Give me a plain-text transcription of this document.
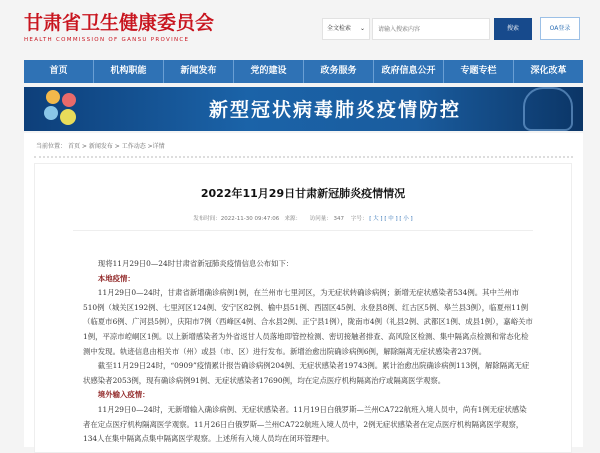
甘肃省卫生健康委员会
HEALTH COMMISSION OF GANSU PROVINCE
全文检索 ⌄
请输入搜索内容	搜索	OA登录
首页	机构职能	新闻发布	党的建设	政务服务	政府信息公开	专题专栏	深化改革
新型冠状病毒肺炎疫情防控
当前位置： 首页 > 新闻发布 > 工作动态 >详情
2022年11月29日甘肃新冠肺炎疫情情况
发布时间：2022-11-30 09:47:06 来源： 访问量： 347 字号： [ 大 ] [ 中 ] [ 小 ]

现将11月29日0—24时甘肃省新冠肺炎疫情信息公布如下：

本地疫情：

11月29日0—24时，甘肃省新增确诊病例1例，在兰州市七里河区，为无症状转确诊病例；新增无症状感染者534例。其中兰州市510例（城关区192例、七里河区124例、安宁区82例、榆中县51例、西固区45例、永登县8例、红古区5例、皋兰县3例），临夏州11例（临夏市6例、广河县5例），庆阳市7例（西峰区4例、合水县2例、正宁县1例），陇南市4例（礼县2例、武都区1例、成县1例），嘉峪关市1例，平凉市崆峒区1例。以上新增感染者为外省返甘人员落地即管控检测、密切接触者排查、高风险区检测、集中隔离点检测和常态化检测中发现。轨迹信息由相关市（州）或县（市、区）进行发布。新增治愈出院确诊病例6例，解除隔离无症状感染者237例。

截至11月29日24时，“0909”疫情累计报告确诊病例204例、无症状感染者19743例。累计治愈出院确诊病例113例，解除隔离无症状感染者2053例，现有确诊病例91例、无症状感染者17690例，均在定点医疗机构隔离治疗或隔离医学观察。

境外输入疫情：

11月29日0—24时，无新增输入确诊病例、无症状感染者。11月19日白俄罗斯—兰州CA722航班入境人员中，尚有1例无症状感染者在定点医疗机构隔离医学观察。11月26日白俄罗斯—兰州CA722航班入境人员中，2例无症状感染者在定点医疗机构隔离医学观察，134人在集中隔离点集中隔离医学观察。上述所有入境人员均在闭环管理中。
